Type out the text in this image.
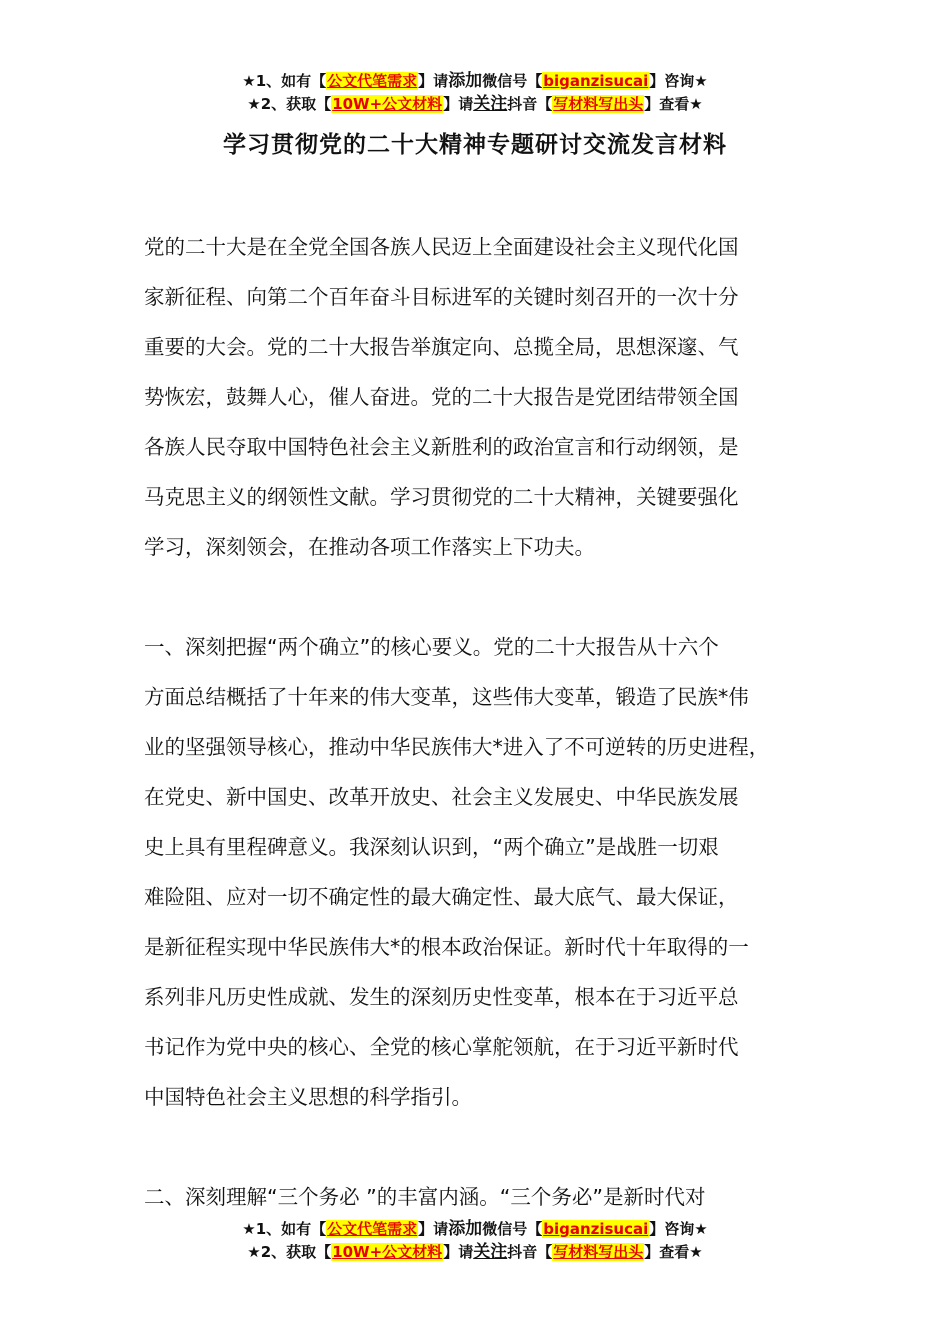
★1、如有【公文代笔需求】请添加微信号【biganzisucai】咨询★
★2、获取【10W+公文材料】请关注抖音【写材料写出头】查看★
学习贯彻党的二十大精神专题研讨交流发言材料

党的二十大是在全党全国各族人民迈上全面建设社会主义现代化国

家新征程、向第二个百年奋斗目标进军的关键时刻召开的一次十分

重要的大会。党的二十大报告举旗定向、总揽全局，思想深邃、气

势恢宏，鼓舞人心，催人奋进。党的二十大报告是党团结带领全国

各族人民夺取中国特色社会主义新胜利的政治宣言和行动纲领，是

马克思主义的纲领性文献。学习贯彻党的二十大精神，关键要强化

学习，深刻领会，在推动各项工作落实上下功夫。

一、深刻把握“两个确立”的核心要义。党的二十大报告从十六个

方面总结概括了十年来的伟大变革，这些伟大变革，锻造了民族*伟

业的坚强领导核心，推动中华民族伟大*进入了不可逆转的历史进程，

在党史、新中国史、改革开放史、社会主义发展史、中华民族发展

史上具有里程碑意义。我深刻认识到，“两个确立”是战胜一切艰

难险阻、应对一切不确定性的最大确定性、最大底气、最大保证，

是新征程实现中华民族伟大*的根本政治保证。新时代十年取得的一

系列非凡历史性成就、发生的深刻历史性变革，根本在于习近平总

书记作为党中央的核心、全党的核心掌舵领航，在于习近平新时代

中国特色社会主义思想的科学指引。

二、深刻理解“三个务必 ”的丰富内涵。“三个务必”是新时代对

★1、如有【公文代笔需求】请添加微信号【biganzisucai】咨询★
★2、获取【10W+公文材料】请关注抖音【写材料写出头】查看★
